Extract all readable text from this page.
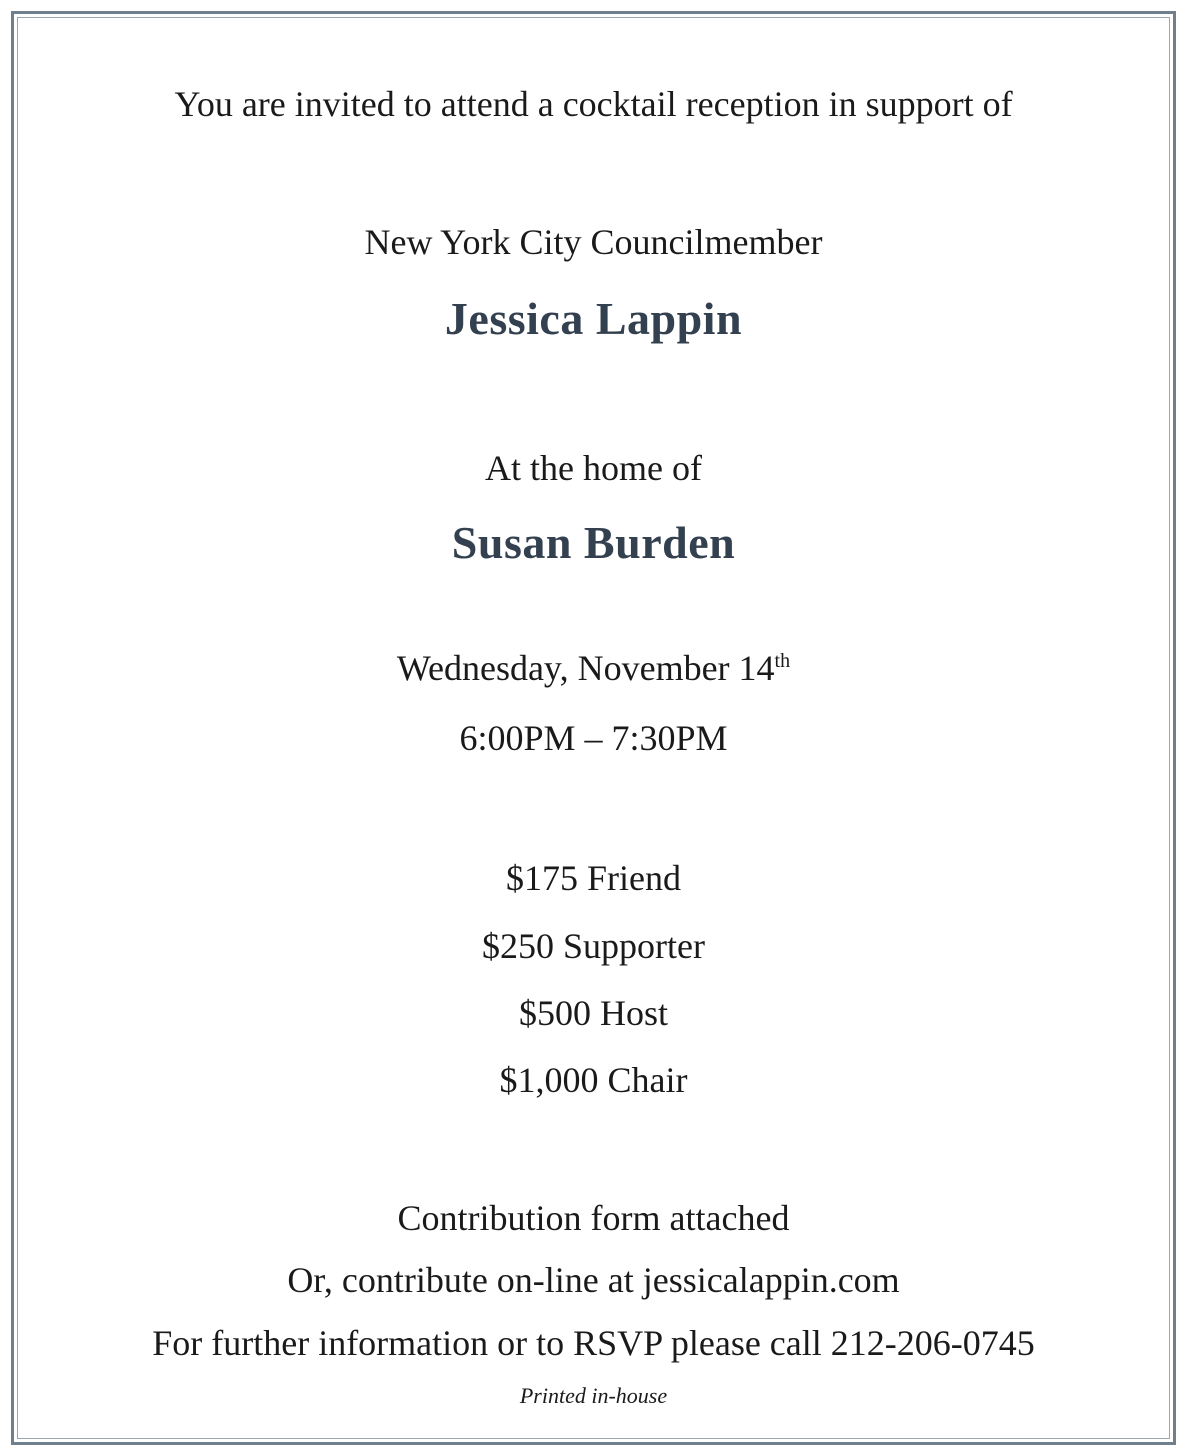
You are invited to attend a cocktail reception in support of
New York City Councilmember
Jessica Lappin
At the home of
Susan Burden
Wednesday, November 14th
6:00PM – 7:30PM
$175 Friend
$250 Supporter
$500 Host
$1,000 Chair
Contribution form attached
Or, contribute on-line at jessicalappin.com
For further information or to RSVP please call 212-206-0745
Printed in-house
